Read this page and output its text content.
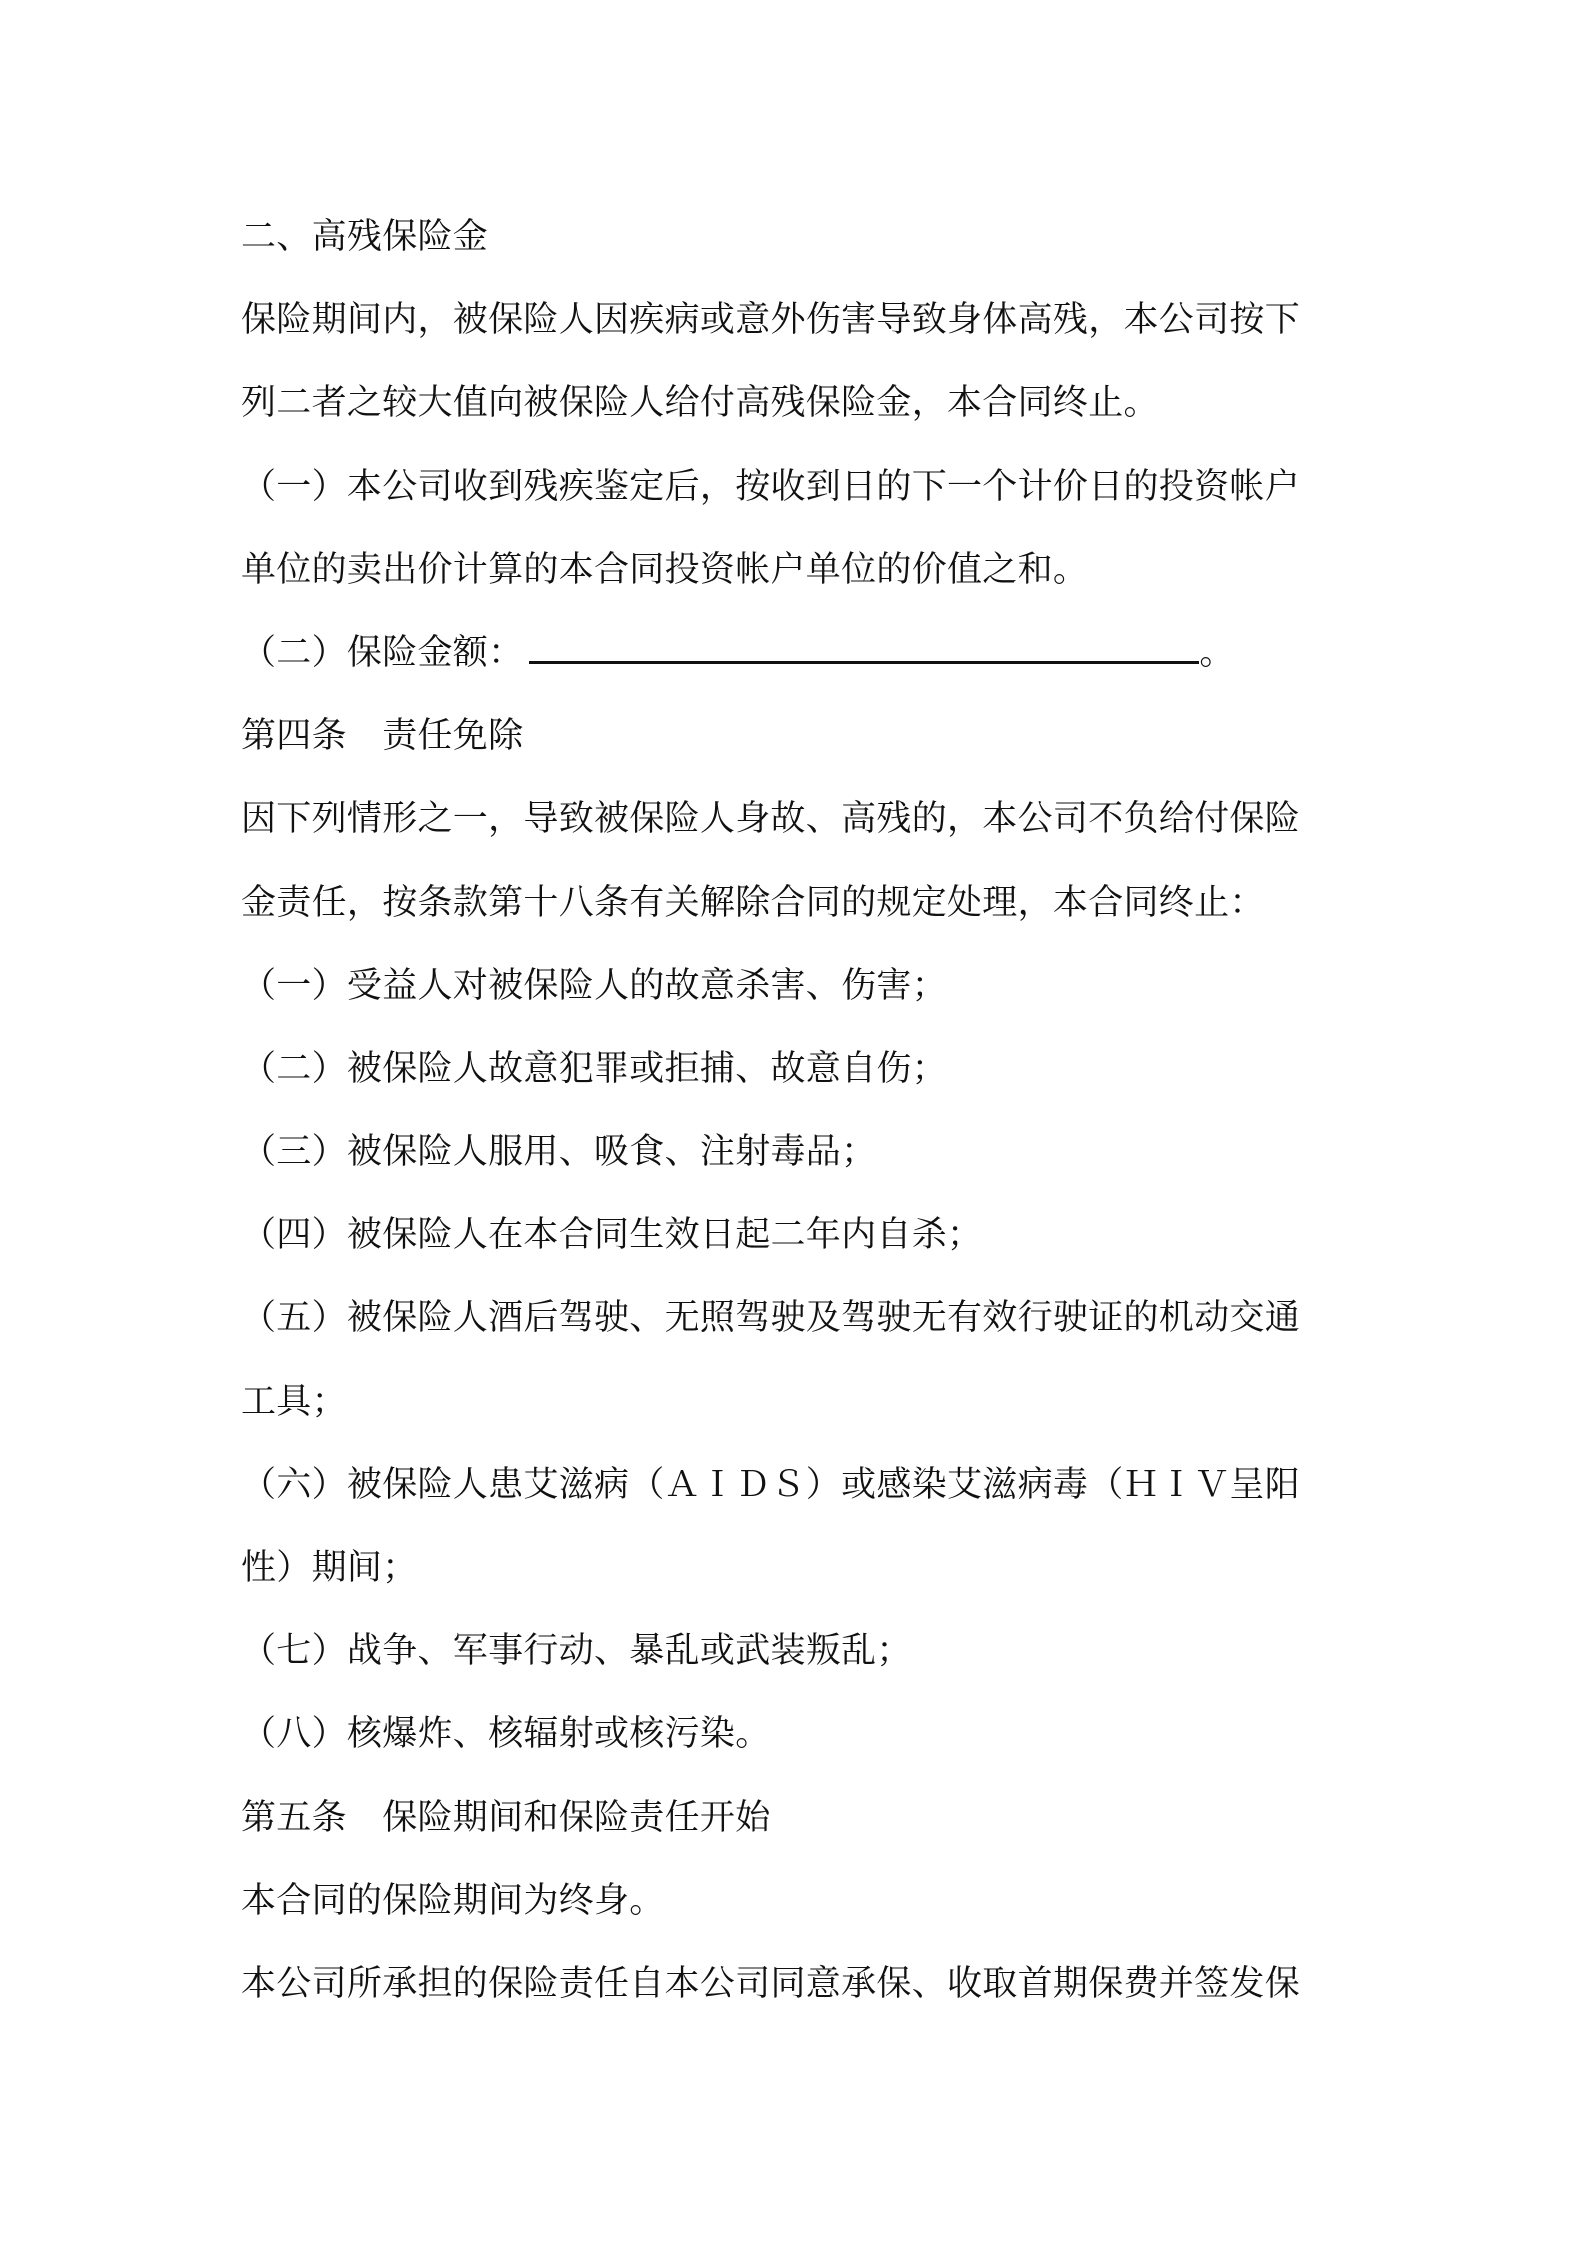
二、高残保险金
保险期间内，被保险人因疾病或意外伤害导致身体高残，本公司按下
列二者之较大值向被保险人给付高残保险金，本合同终止。
（一）本公司收到残疾鉴定后，按收到日的下一个计价日的投资帐户
单位的卖出价计算的本合同投资帐户单位的价值之和。
（二）保险金额：	。
第四条　责任免除
因下列情形之一，导致被保险人身故、高残的，本公司不负给付保险
金责任，按条款第十八条有关解除合同的规定处理，本合同终止：
（一）受益人对被保险人的故意杀害、伤害；
（二）被保险人故意犯罪或拒捕、故意自伤；
（三）被保险人服用、吸食、注射毒品；
（四）被保险人在本合同生效日起二年内自杀；
（五）被保险人酒后驾驶、无照驾驶及驾驶无有效行驶证的机动交通
工具；
（六）被保险人患艾滋病（ＡＩＤＳ）或感染艾滋病毒（ＨＩＶ呈阳
性）期间；
（七）战争、军事行动、暴乱或武装叛乱；
（八）核爆炸、核辐射或核污染。
第五条　保险期间和保险责任开始
本合同的保险期间为终身。
本公司所承担的保险责任自本公司同意承保、收取首期保费并签发保
